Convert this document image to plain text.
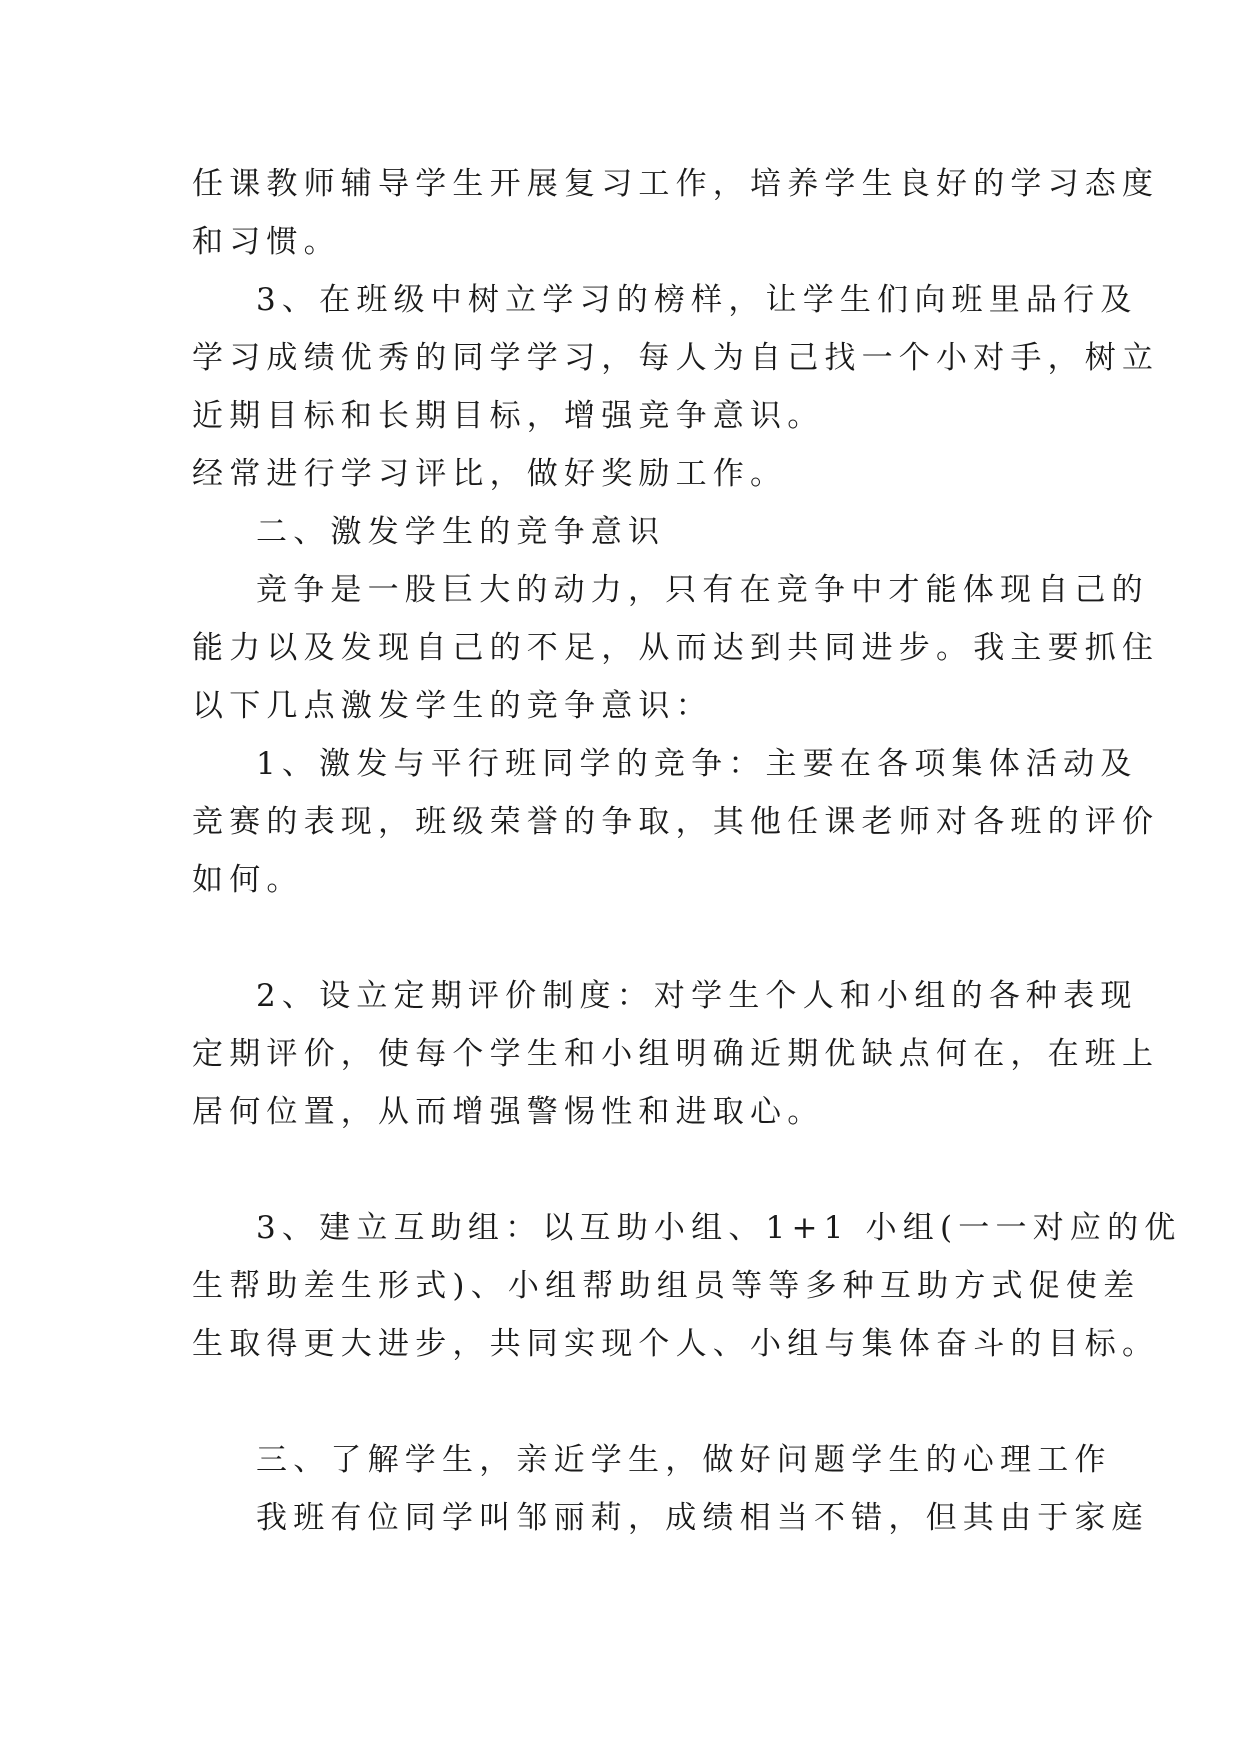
任课教师辅导学生开展复习工作，培养学生良好的学习态度
和习惯。
3、在班级中树立学习的榜样，让学生们向班里品行及
学习成绩优秀的同学学习，每人为自己找一个小对手，树立
近期目标和长期目标，增强竞争意识。
经常进行学习评比，做好奖励工作。
二、激发学生的竞争意识
竞争是一股巨大的动力，只有在竞争中才能体现自己的
能力以及发现自己的不足，从而达到共同进步。我主要抓住
以下几点激发学生的竞争意识：
1、激发与平行班同学的竞争：主要在各项集体活动及
竞赛的表现，班级荣誉的争取，其他任课老师对各班的评价
如何。
2、设立定期评价制度：对学生个人和小组的各种表现
定期评价，使每个学生和小组明确近期优缺点何在，在班上
居何位置，从而增强警惕性和进取心。
3、建立互助组：以互助小组、1+1 小组(一一对应的优
生帮助差生形式)、小组帮助组员等等多种互助方式促使差
生取得更大进步，共同实现个人、小组与集体奋斗的目标。
三、了解学生，亲近学生，做好问题学生的心理工作
我班有位同学叫邹丽莉，成绩相当不错，但其由于家庭
